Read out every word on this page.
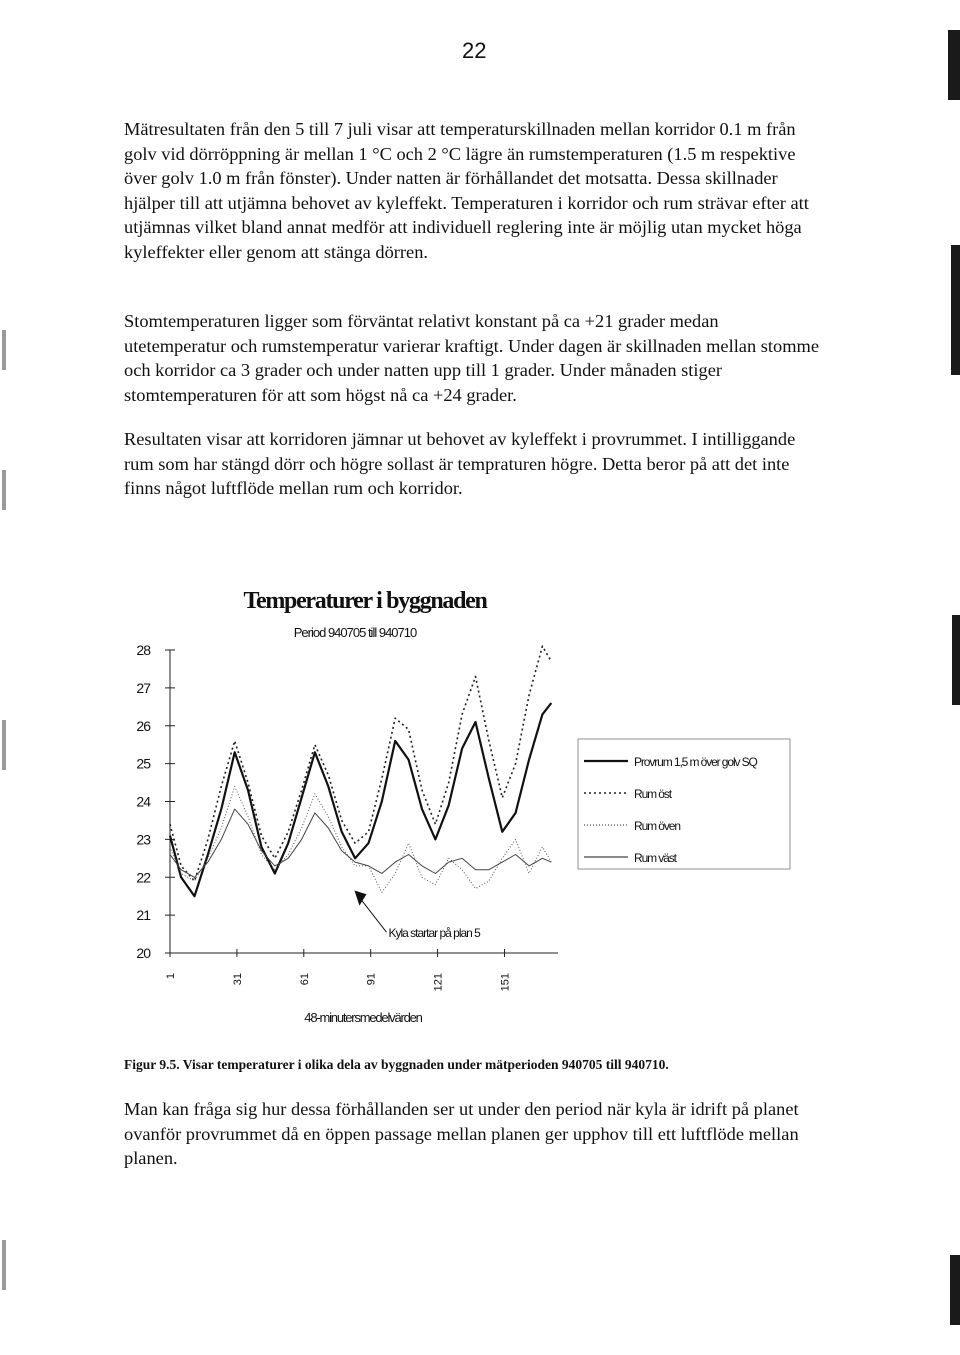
22

Mätresultaten från den 5 till 7 juli visar att temperaturskillnaden mellan korridor 0.1 m från golv vid dörröppning är mellan 1 °C och 2 °C lägre än rumstemperaturen (1.5 m respektive över golv 1.0 m från fönster). Under natten är förhållandet det motsatta. Dessa skillnader hjälper till att utjämna behovet av kyleffekt. Temperaturen i korridor och rum strävar efter att utjämnas vilket bland annat medför att individuell reglering inte är möjlig utan mycket höga kyleffekter eller genom att stänga dörren.

Stomtemperaturen ligger som förväntat relativt konstant på ca +21 grader medan utetemperatur och rumstemperatur varierar kraftigt. Under dagen är skillnaden mellan stomme och korridor ca 3 grader och under natten upp till 1 grader. Under månaden stiger stomtemperaturen för att som högst nå ca +24 grader.

Resultaten visar att korridoren jämnar ut behovet av kyleffekt i provrummet. I intilliggande rum som har stängd dörr och högre sollast är tempraturen högre. Detta beror på att det inte finns något luftflöde mellan rum och korridor.

Temperaturer i byggnaden
Period 940705 till 940710
20
21
22
23
24
25
26
27
28
1	31	61	91	121	151
Kyla startar på plan 5
Provrum 1,5 m över golv SQ
Rum öst
Rum öven
Rum väst
48-minutersmedelvärden
Figur 9.5. Visar temperaturer i olika dela av byggnaden under mätperioden 940705 till 940710.

Man kan fråga sig hur dessa förhållanden ser ut under den period när kyla är idrift på planet ovanför provrummet då en öppen passage mellan planen ger upphov till ett luftflöde mellan planen.
